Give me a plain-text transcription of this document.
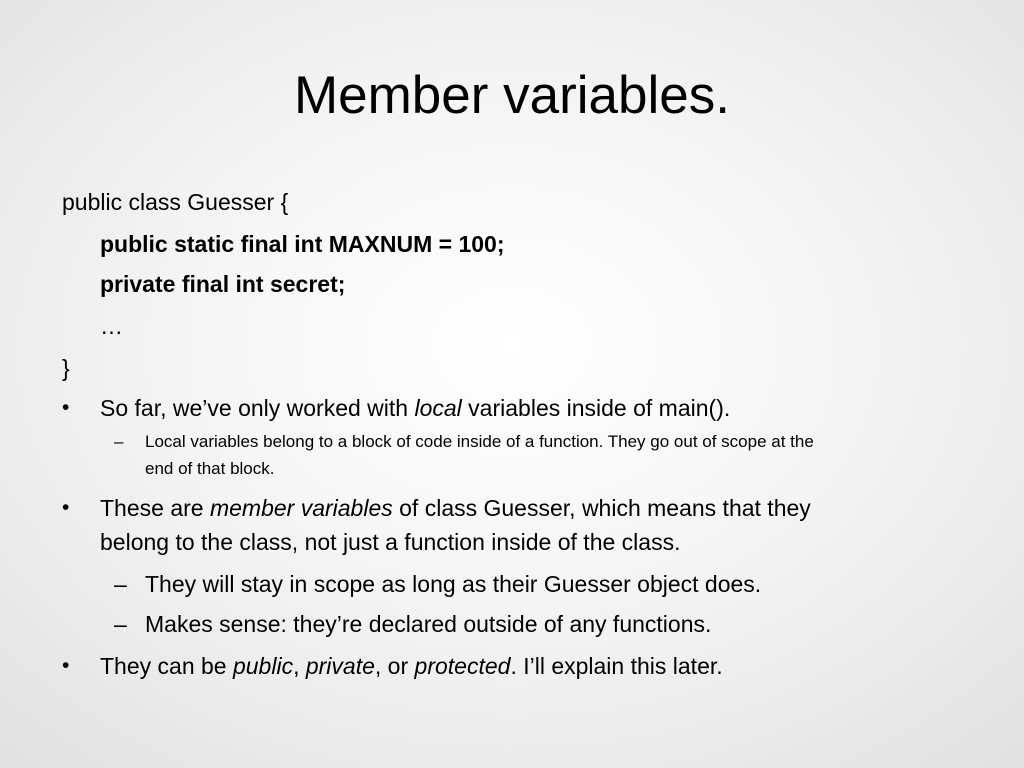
Member variables.
public class Guesser {
public static final int MAXNUM = 100;
private final int secret;
…
}
• So far, we’ve only worked with local variables inside of main().
– Local variables belong to a block of code inside of a function. They go out of scope at the
end of that block.
• These are member variables of class Guesser, which means that they
belong to the class, not just a function inside of the class.
– They will stay in scope as long as their Guesser object does.
– Makes sense: they’re declared outside of any functions.
• They can be public, private, or protected. I’ll explain this later.
